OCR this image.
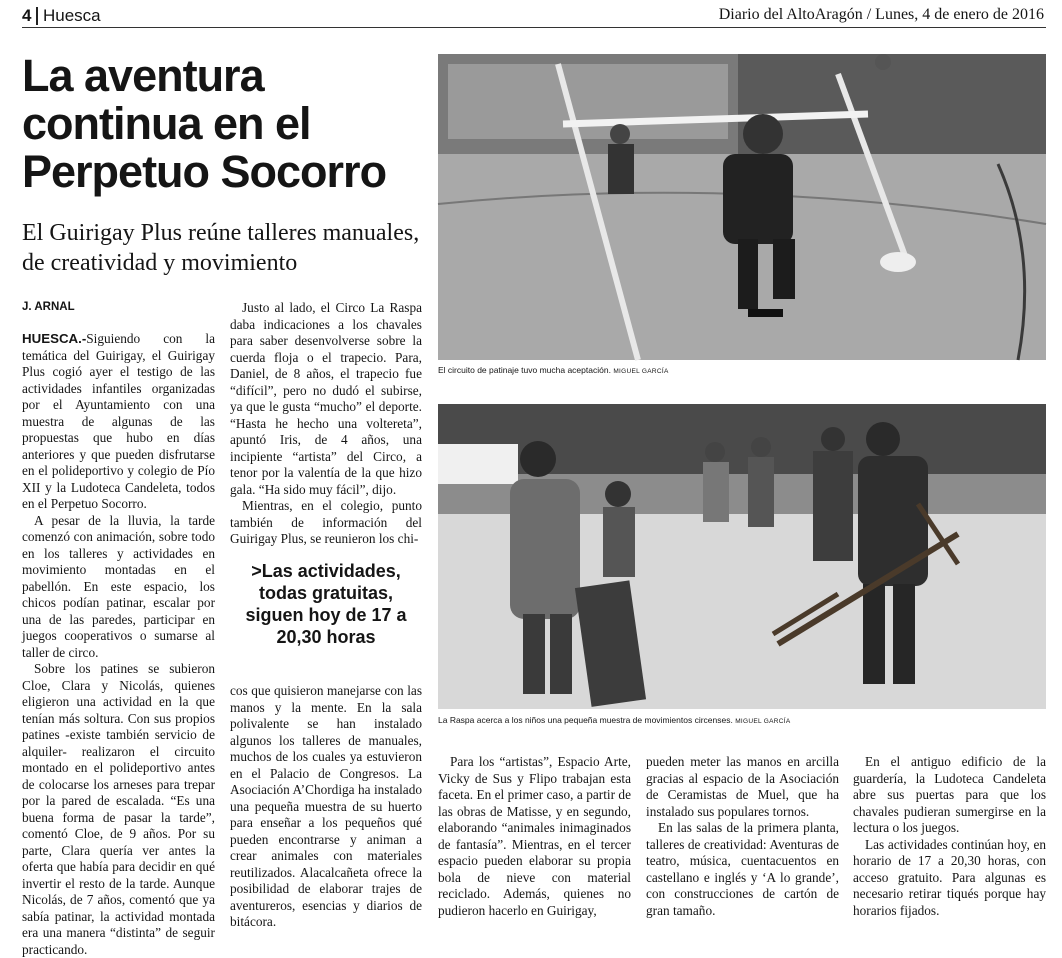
4 Huesca	Diario del AltoAragón / Lunes, 4 de enero de 2016
La aventura continua en el Perpetuo Socorro
El Guirigay Plus reúne talleres manuales, de creatividad y movimiento
J. ARNAL

HUESCA.-Siguiendo con la temática del Guirigay, el Guirigay Plus cogió ayer el testigo de las actividades infantiles organizadas por el Ayuntamiento con una muestra de algunas de las propuestas que hubo en días anteriores y que pueden disfrutarse en el polideportivo y colegio de Pío XII y la Ludoteca Candeleta, todos en el Perpetuo Socorro.

A pesar de la lluvia, la tarde comenzó con animación, sobre todo en los talleres y actividades en movimiento montadas en el pabellón. En este espacio, los chicos podían patinar, escalar por una de las paredes, participar en juegos cooperativos o sumarse al taller de circo.

Sobre los patines se subieron Cloe, Clara y Nicolás, quienes eligieron una actividad en la que tenían más soltura. Con sus propios patines -existe también servicio de alquiler- realizaron el circuito montado en el polideportivo antes de colocarse los arneses para trepar por la pared de escalada. “Es una buena forma de pasar la tarde”, comentó Cloe, de 9 años. Por su parte, Clara quería ver antes la oferta que había para decidir en qué invertir el resto de la tarde. Aunque Nicolás, de 7 años, comentó que ya sabía patinar, la actividad montada era una manera “distinta” de seguir practicando.

Justo al lado, el Circo La Raspa daba indicaciones a los chavales para saber desenvolverse sobre la cuerda floja o el trapecio. Para, Daniel, de 8 años, el trapecio fue “difícil”, pero no dudó el subirse, ya que le gusta “mucho” el deporte. “Hasta he hecho una voltereta”, apuntó Iris, de 4 años, una incipiente “artista” del Circo, a tenor por la valentía de la que hizo gala. “Ha sido muy fácil”, dijo.

Mientras, en el colegio, punto también de información del Guirigay Plus, se reunieron los chi-

>Las actividades, todas gratuitas, siguen hoy de 17 a 20,30 horas

cos que quisieron manejarse con las manos y la mente. En la sala polivalente se han instalado algunos los talleres de manuales, muchos de los cuales ya estuvieron en el Palacio de Congresos. La Asociación A’Chordiga ha instalado una pequeña muestra de su huerto para enseñar a los pequeños qué pueden encontrarse y animan a crear animales con materiales reutilizados. Alacalcañeta ofrece la posibilidad de elaborar trajes de aventureros, esencias y diarios de bitácora.

El circuito de patinaje tuvo mucha aceptación. MIGUEL GARCÍA
La Raspa acerca a los niños una pequeña muestra de movimientos circenses. MIGUEL GARCÍA

Para los “artistas”, Espacio Arte, Vicky de Sus y Flipo trabajan esta faceta. En el primer caso, a partir de las obras de Matisse, y en segundo, elaborando “animales inimaginados de fantasía”. Mientras, en el tercer espacio pueden elaborar su propia bola de nieve con material reciclado. Además, quienes no pudieron hacerlo en Guirigay,

pueden meter las manos en arcilla gracias al espacio de la Asociación de Ceramistas de Muel, que ha instalado sus populares tornos.

En las salas de la primera planta, talleres de creatividad: Aventuras de teatro, música, cuentacuentos en castellano e inglés y ‘A lo grande’, con construcciones de cartón de gran tamaño.

En el antiguo edificio de la guardería, la Ludoteca Candeleta abre sus puertas para que los chavales pudieran sumergirse en la lectura o los juegos.

Las actividades continúan hoy, en horario de 17 a 20,30 horas, con acceso gratuito. Para algunas es necesario retirar tiqués porque hay horarios fijados.
